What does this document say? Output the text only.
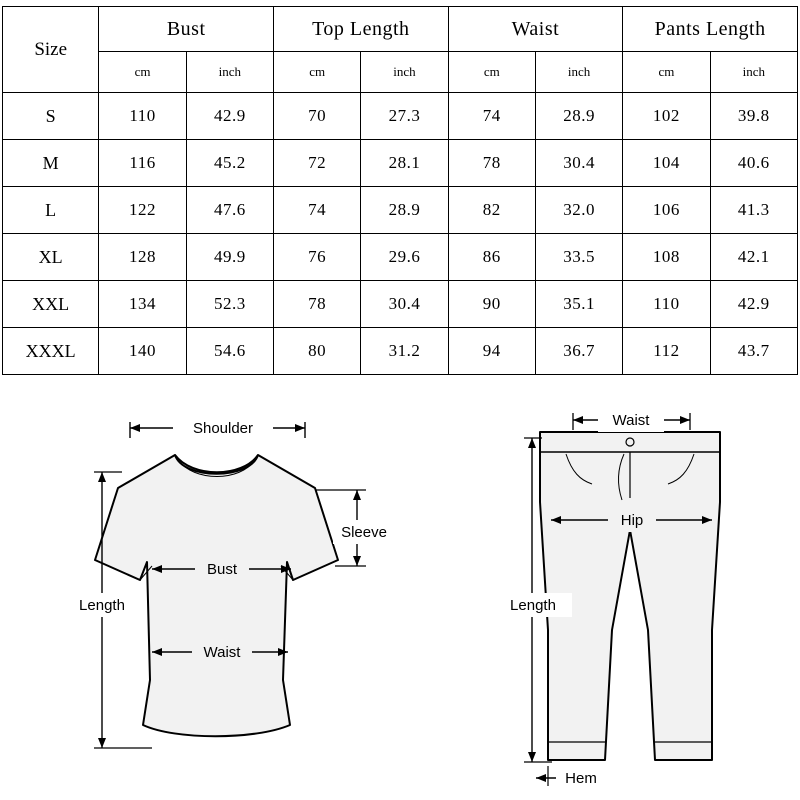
Size	Bust		Top Length		Waist		Pants Length	
	cm	inch	cm	inch	cm	inch	cm	inch
S	110	42.9	70	27.3	74	28.9	102	39.8
M	116	45.2	72	28.1	78	30.4	104	40.6
L	122	47.6	74	28.9	82	32.0	106	41.3
XL	128	49.9	76	29.6	86	33.5	108	42.1
XXL	134	52.3	78	30.4	90	35.1	110	42.9
XXXL	140	54.6	80	31.2	94	36.7	112	43.7
Shoulder
Sleeve
Bust
Waist
Length
Waist
Hip
Length
Hem
